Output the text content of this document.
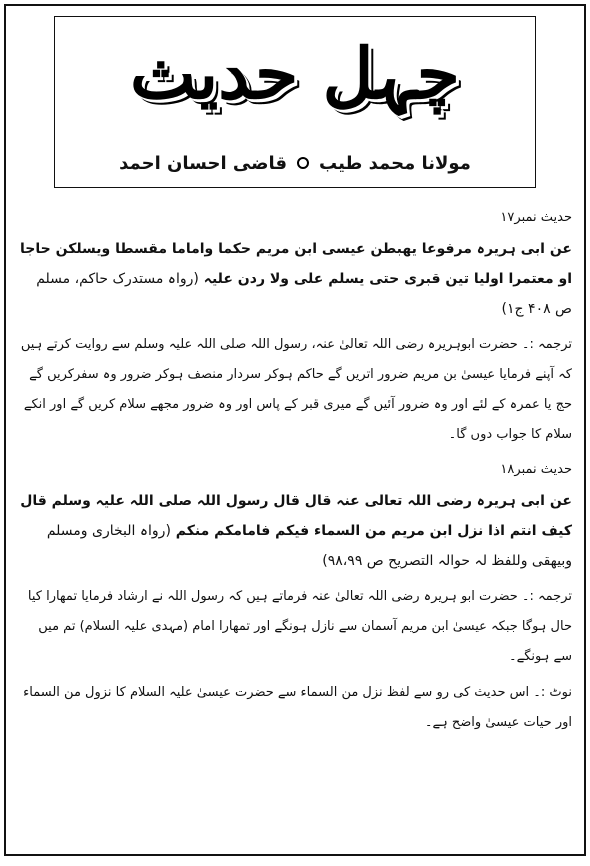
چہل حدیث
مولانا محمد طیب
قاضی احسان احمد
حدیث نمبر۱۷

عن ابی ہریرہ مرفوعا یھبطن عیسی ابن مریم حکما واماما مقسطا ویسلکن حاجا او معتمرا اولیا تین قبری حتی یسلم علی ولا ردن علیہ (رواہ مستدرک حاکم، مسلم ص ۴۰۸ ج۱)

ترجمہ :۔ حضرت ابوہریرہ رضی اللہ تعالیٰ عنہ، رسول اللہ صلی اللہ علیہ وسلم سے روایت کرتے ہیں کہ آپنے فرمایا عیسیٰ بن مریم ضرور اتریں گے حاکم ہوکر سردار منصف ہوکر ضرور وہ سفرکریں گے حج یا عمرہ کے لئے اور وہ ضرور آئیں گے میری قبر کے پاس اور وہ ضرور مجھے سلام کریں گے اور انکے سلام کا جواب دوں گا۔

حدیث نمبر۱۸

عن ابی ہریرہ رضی اللہ تعالی عنہ قال قال رسول اللہ صلی اللہ علیہ وسلم قال کیف انتم اذا نزل ابن مریم من السماء فیکم فامامکم منکم (رواہ البخاری ومسلم وبیھقی وللفظ لہ حوالہ التصریح ص ۹۸،۹۹)

ترجمہ :۔ حضرت ابو ہریرہ رضی اللہ تعالیٰ عنہ فرماتے ہیں کہ رسول اللہ نے ارشاد فرمایا تمھارا کیا حال ہوگا جبکہ عیسیٰ ابن مریم آسمان سے نازل ہونگے اور تمھارا امام (مہدی علیہ السلام) تم میں سے ہونگے۔

نوٹ :۔ اس حدیث کی رو سے لفظ نزل من السماء سے حضرت عیسیٰ علیہ السلام کا نزول من السماء اور حیات عیسیٰ واضح ہے۔
